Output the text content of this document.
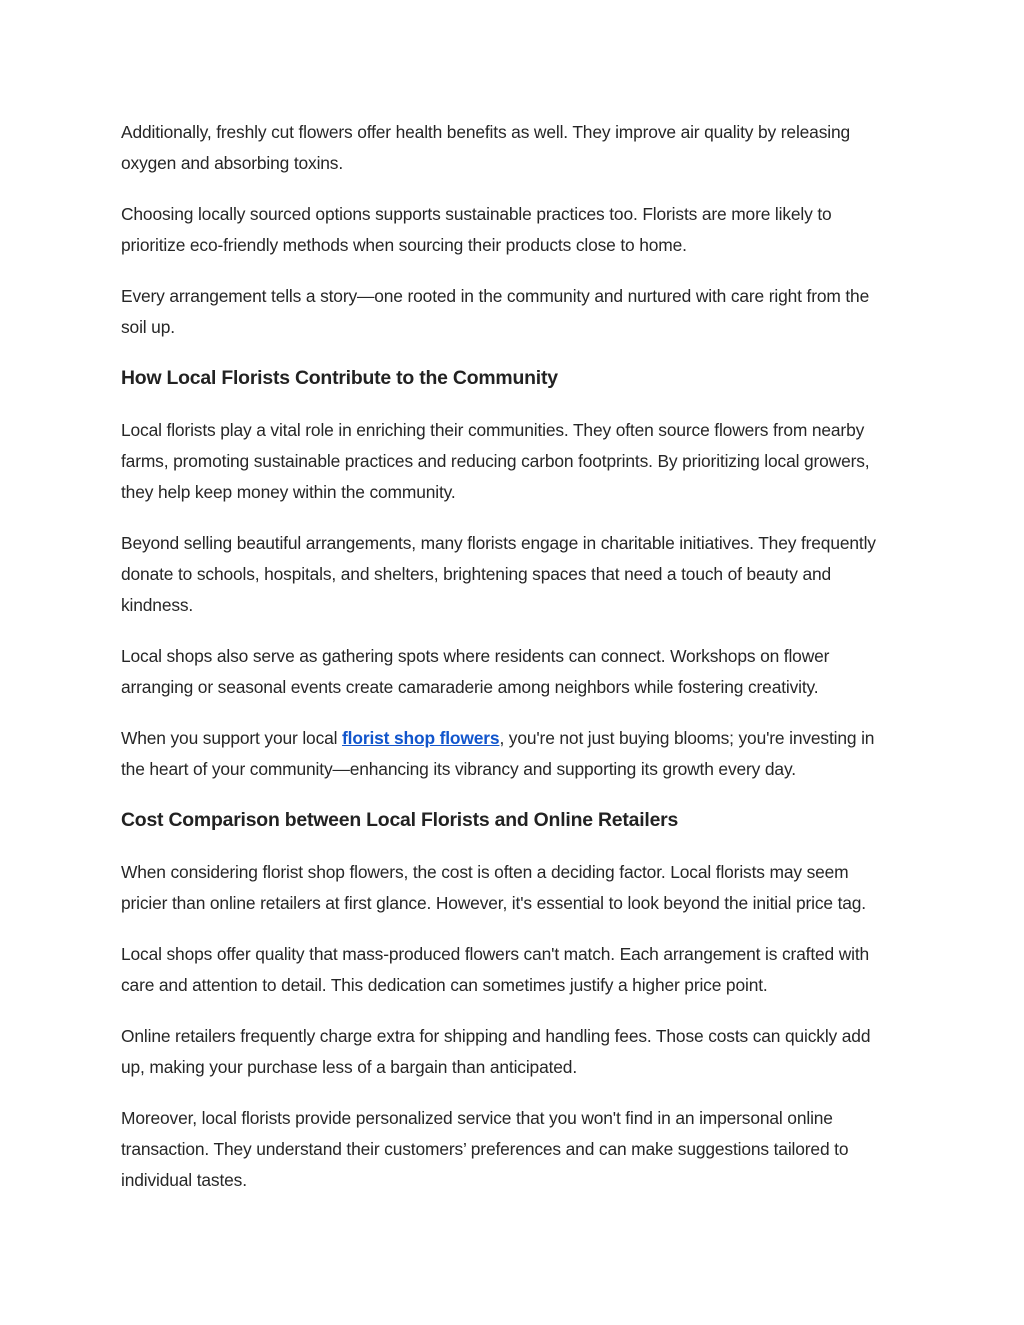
Additionally, freshly cut flowers offer health benefits as well. They improve air quality by releasing oxygen and absorbing toxins.

Choosing locally sourced options supports sustainable practices too. Florists are more likely to prioritize eco-friendly methods when sourcing their products close to home.

Every arrangement tells a story—one rooted in the community and nurtured with care right from the soil up.

How Local Florists Contribute to the Community

Local florists play a vital role in enriching their communities. They often source flowers from nearby farms, promoting sustainable practices and reducing carbon footprints. By prioritizing local growers, they help keep money within the community.

Beyond selling beautiful arrangements, many florists engage in charitable initiatives. They frequently donate to schools, hospitals, and shelters, brightening spaces that need a touch of beauty and kindness.

Local shops also serve as gathering spots where residents can connect. Workshops on flower arranging or seasonal events create camaraderie among neighbors while fostering creativity.

When you support your local florist shop flowers, you're not just buying blooms; you're investing in the heart of your community—enhancing its vibrancy and supporting its growth every day.

Cost Comparison between Local Florists and Online Retailers

When considering florist shop flowers, the cost is often a deciding factor. Local florists may seem pricier than online retailers at first glance. However, it's essential to look beyond the initial price tag.

Local shops offer quality that mass-produced flowers can't match. Each arrangement is crafted with care and attention to detail. This dedication can sometimes justify a higher price point.

Online retailers frequently charge extra for shipping and handling fees. Those costs can quickly add up, making your purchase less of a bargain than anticipated.

Moreover, local florists provide personalized service that you won't find in an impersonal online transaction. They understand their customers’ preferences and can make suggestions tailored to individual tastes.
